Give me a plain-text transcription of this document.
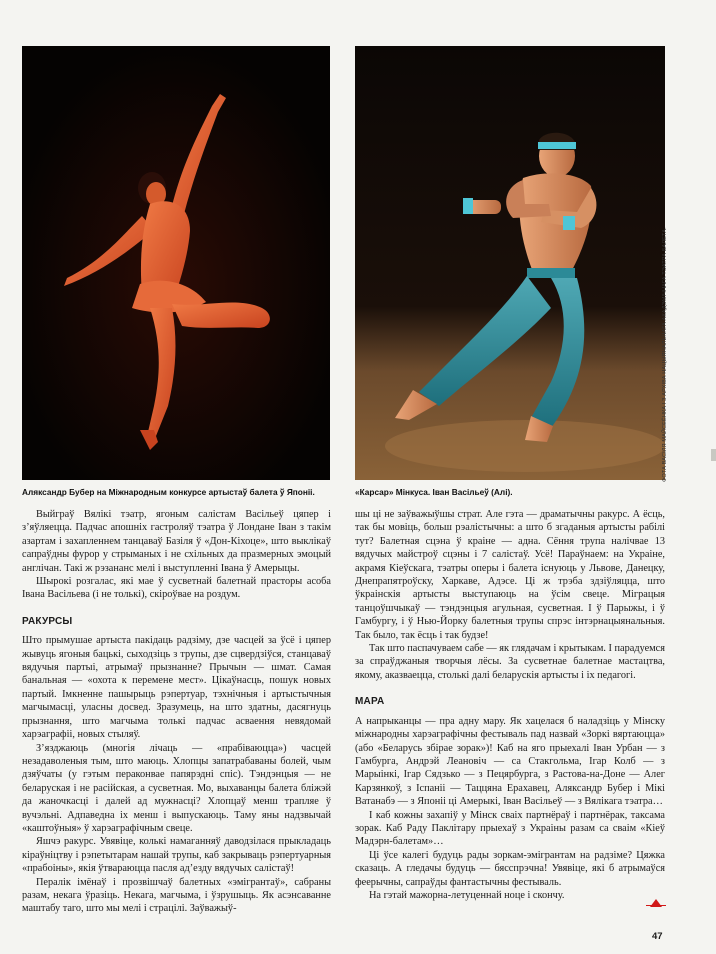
ФОТА ВАСІЛЯ МАЙСЕЁНКА І З АРХІВА НАЦЫЯНАЛЬНАГА АКАДЭМІЧНАГА ТЭАТРА БАЛЕТА.
Аляксандр Бубер на Міжнародным конкурсе артыстаў балета ў Японіі.	«Карсар» Мінкуса. Іван Васільеў (Алі).

Выйграў Вялікі тэатр, ягоным салістам Васільеў цяпер і з’яўляецца. Падчас апошніх гастроляў тэатра ў Лондане Іван з такім азартам і захапленнем танцаваў Базіля ў «Дон-Кіхоце», што выклікаў сапраўдны фурор у стрыманых і не схільных да празмерных эмоцый англічан. Такі ж рэзананс мелі і выступленні Івана ў Амерыцы.

Шырокі розгалас, які мае ў сусветнай балетнай прасторы асоба Івана Васільева (і не толькі), скіроўвае на роздум.

РАКУРСЫ

Што прымушае артыста пакідаць радзіму, дзе часцей за ўсё і цяпер жывуць ягоныя бацькі, сыходзіць з трупы, дзе сцвердзіўся, станцаваў вядучыя партыі, атрымаў прызнанне? Прычын — шмат. Самая банальная — «охота к перемене мест». Цікаўнасць, пошук новых партый. Імкненне пашырыць рэпертуар, тэхнічныя і артыстычныя магчымасці, уласны досвед. Зразумець, на што здатны, дасягнуць прызнання, што магчыма толькі падчас асваення невядомай харэаграфіі, новых стыляў.

З’язджаюць (многія лічаць — «прабіваюцца») часцей незадаволеныя тым, што маюць. Хлопцы запатрабаваны болей, чым дзяўчаты (у гэтым пераконвае папярэдні спіс). Тэндэнцыя — не беларуская і не расійская, а сусветная. Мо, выхаванцы балета бліжэй да жаночкасці і далей ад мужнасці? Хлопцаў менш трапляе ў вучэльні. Адпаведна іх менш і выпускаюць. Таму яны надзвычай «каштоўныя» ў харэаграфічным свеце.

Яшчэ ракурс. Увявіце, колькі намаганняў даводзілася прыкладаць кіраўніцтву і рэпетытарам нашай трупы, каб закрываць рэпертуарныя «прабоіны», якія ўтвараюцца пасля ад’езду вядучых салістаў!

Пералік імёнаў і прозвішчаў балетных «эмігрантаў», сабраны разам, некага ўразіць. Некага, магчыма, і ўзрушыць. Як асэнсаванне маштабу таго, што мы мелі і страцілі. Заўважыў-

шы ці не заўважыўшы страт. Але гэта — драматычны ракурс. А ёсць, так бы мовіць, больш рэалістычны: а што б згаданыя артысты рабілі тут? Балетная сцэна ў краіне — адна. Сёння трупа налічвае 13 вядучых майстроў сцэны і 7 салістаў. Усё! Параўнаем: на Украіне, акрамя Кіеўскага, тэатры оперы і балета існуюць у Львове, Данецку, Днепрапятроўску, Харкаве, Адэсе. Ці ж трэба здзіўляцца, што ўкраінскія артысты выступаюць на ўсім свеце. Міграцыя танцоўшчыкаў — тэндэнцыя агульная, сусветная. І ў Парыжы, і ў Гамбургу, і ў Нью-Йорку балетныя трупы спрэс інтэрнацыянальныя. Так было, так ёсць і так будзе!

Так што паспачуваем сабе — як глядачам і крытыкам. І парадуемся за спраўджаныя творчыя лёсы. За сусветнае балетнае мастацтва, якому, аказваецца, столькі далі беларускія артысты і іх педагогі.

МАРА

А напрыканцы — пра адну мару. Як хацелася б наладзіць у Мінску міжнародны харэаграфічны фестываль пад назвай «Зоркі вяртаюцца» (або «Беларусь збірае зорак»)! Каб на яго прыехалі Іван Урбан — з Гамбурга, Андрэй Леановіч — са Стакгольма, Ігар Колб — з Марыінкі, Ігар Сядзько — з Пецярбурга, з Растова-на-Доне — Алег Карзянкоў, з Іспаніі — Таццяна Ерахавец, Аляксандр Бубер і Мікі Ватанабэ — з Японіі ці Амерыкі, Іван Васільеў — з Вялікага тэатра…

І каб кожны захапіў у Мінск сваіх партнёраў і партнёрак, таксама зорак. Каб Раду Паклітару прыехаў з Украіны разам са сваім «Кіеў Мадэрн-балетам»…

Ці ўсе калегі будуць рады зоркам-эмігрантам на радзіме? Цяжка сказаць. А гледачы будуць — бясспрэчна! Увявіце, які б атрымаўся феерычны, сапраўды фантастычны фестываль.

На гэтай мажорна-летуценнай ноце і скончу.

47
